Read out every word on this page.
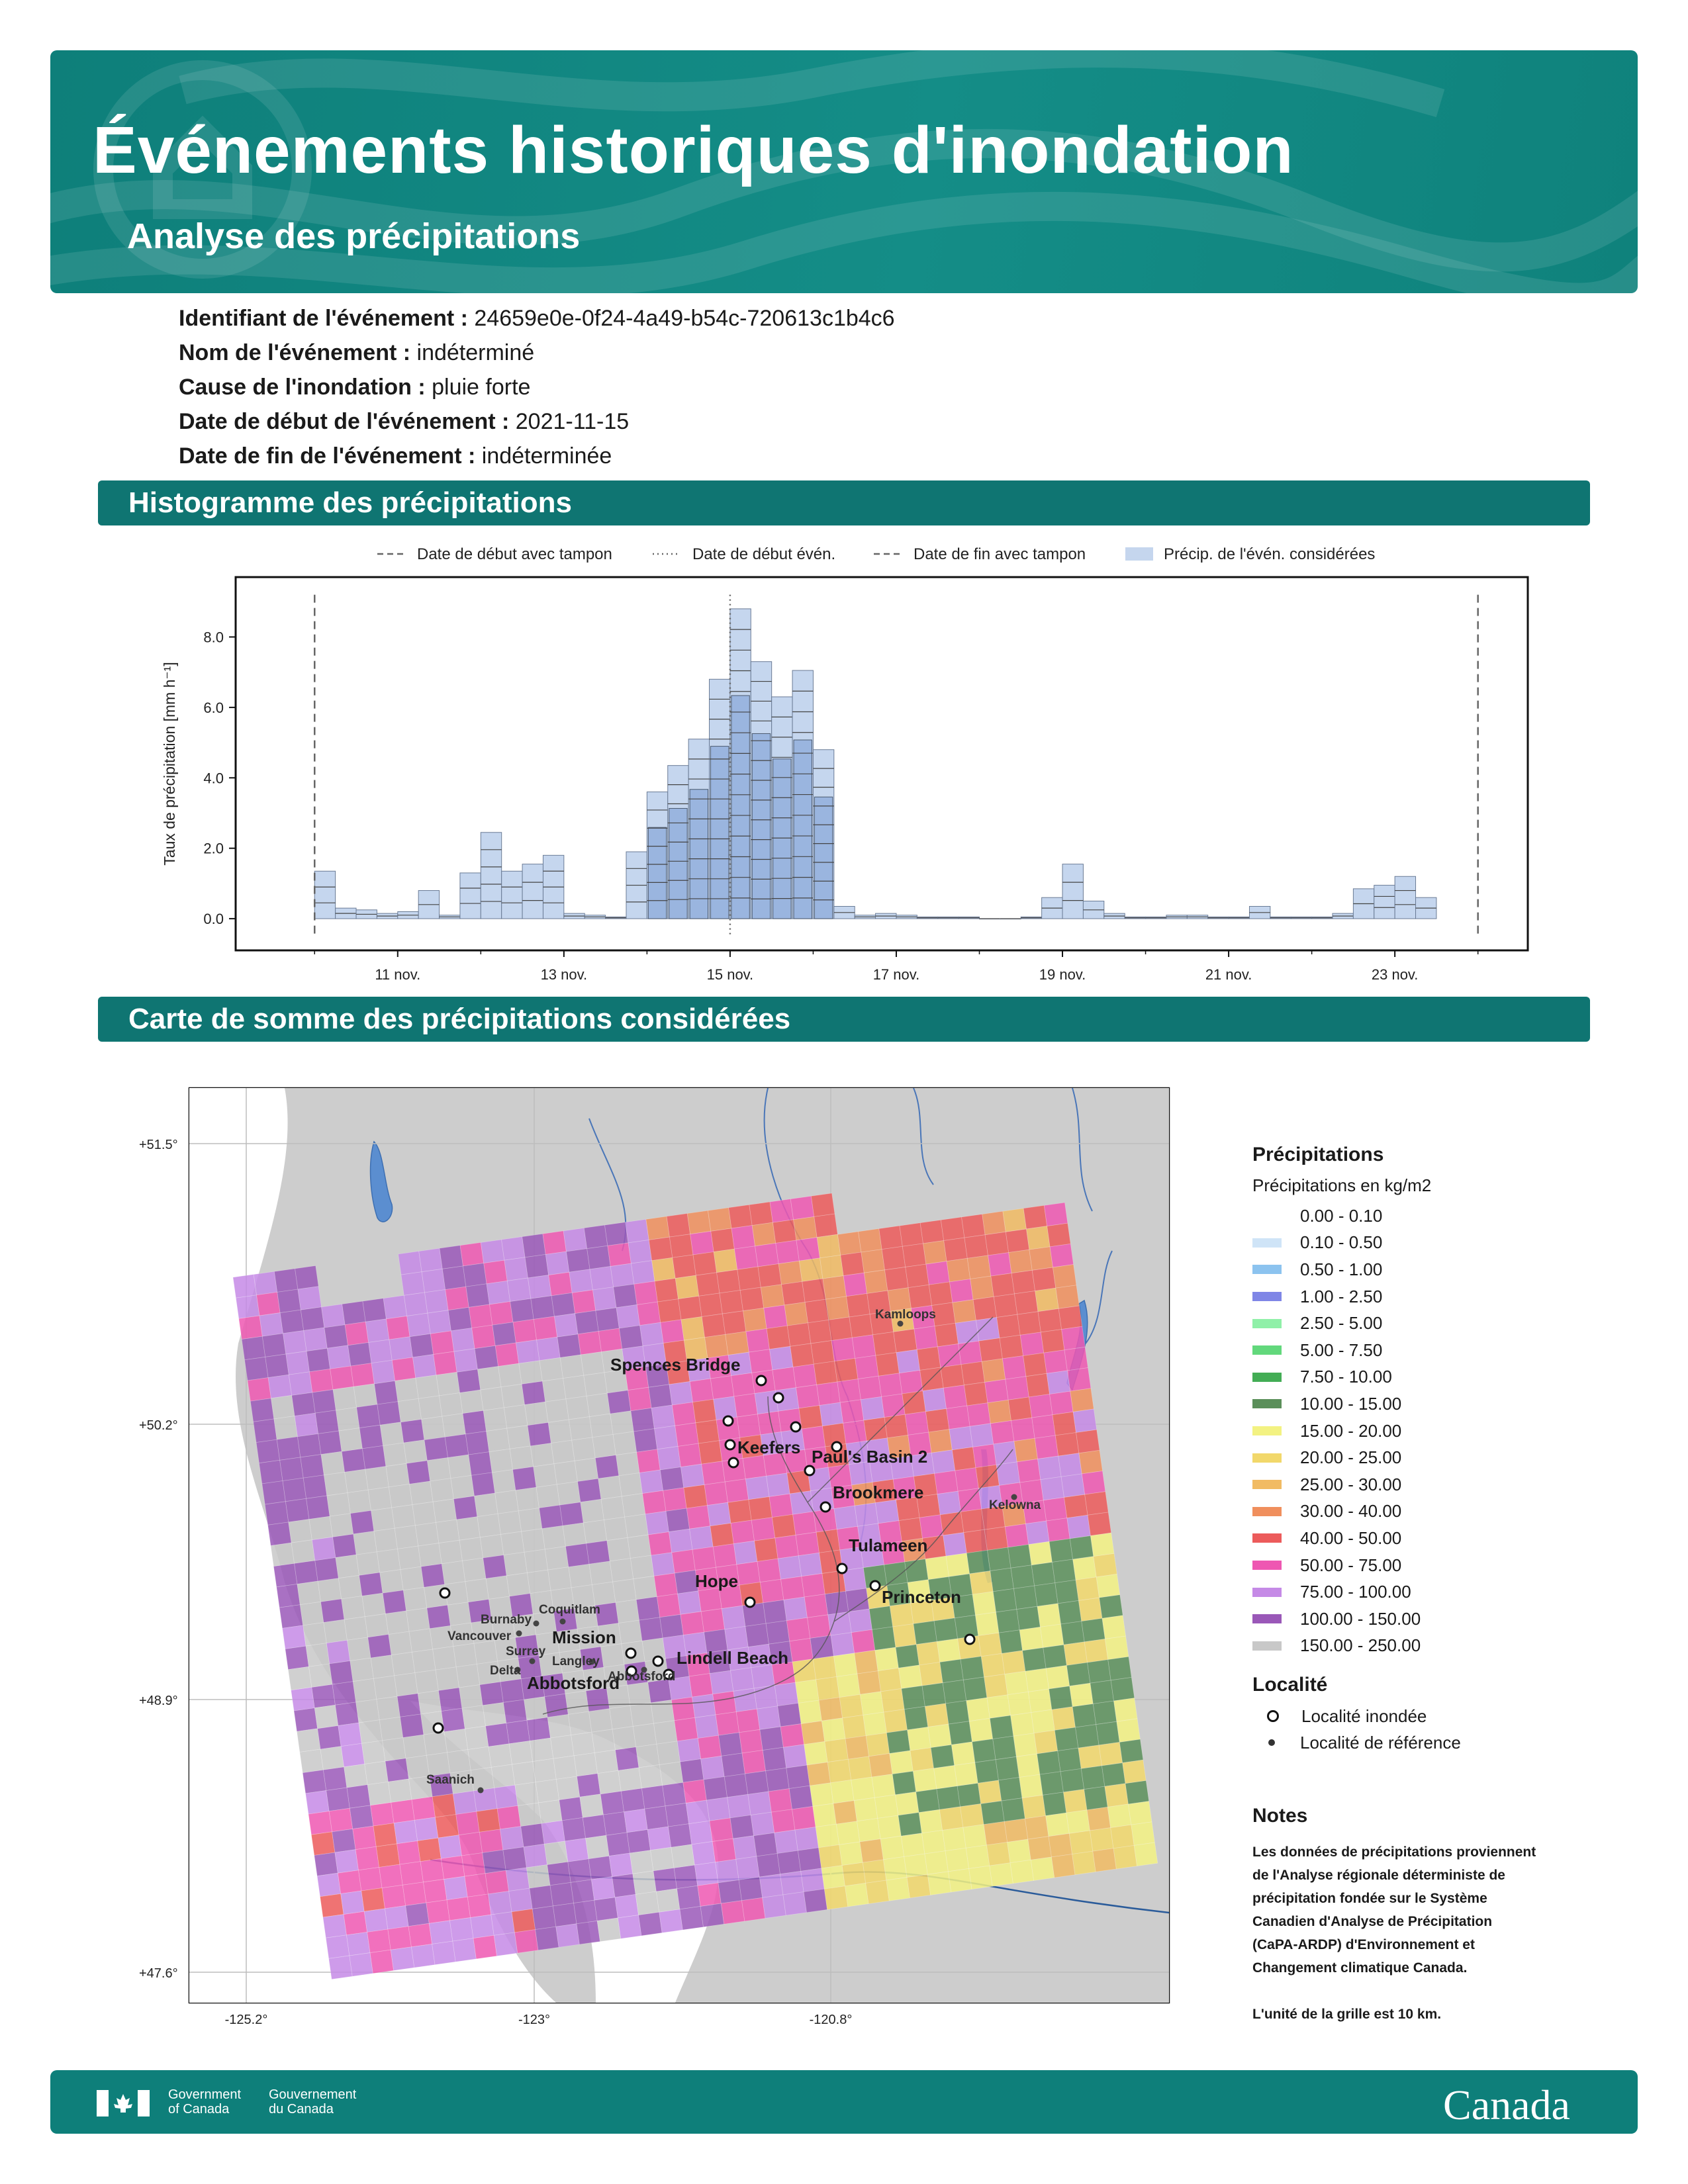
Événements historiques d'inondation
Analyse des précipitations
Identifiant de l'événement : 24659e0e-0f24-4a49-b54c-720613c1b4c6
Nom de l'événement : indéterminé
Cause de l'inondation : pluie forte
Date de début de l'événement : 2021-11-15
Date de fin de l'événement : indéterminée
Histogramme des précipitations
Date de début avec tampon	Date de début évén.	Date de fin avec tampon	Précip. de l'évén. considérées
0.0
2.0
4.0
6.0
8.0
11 nov.	13 nov.	15 nov.	17 nov.	19 nov.	21 nov.	23 nov.
Taux de précipitation [mm h⁻¹]
Carte de somme des précipitations considérées
+51.5°
+50.2°
+48.9°
+47.6°
-125.2°	-123°	-120.8°
Spences Bridge
Keefers Paul's Basin 2
Brookmere
Tulameen
Hope
Princeton
Mission
Lindell Beach
Abbotsford
Kamloops
Kelowna
Coquitlam
Burnaby
Vancouver
Surrey
Delta
Langley
Abbotsford
Saanich
Précipitations
Précipitations en kg/m2
0.00 - 0.10
0.10 - 0.50
0.50 - 1.00
1.00 - 2.50
2.50 - 5.00
5.00 - 7.50
7.50 - 10.00
10.00 - 15.00
15.00 - 20.00
20.00 - 25.00
25.00 - 30.00
30.00 - 40.00
40.00 - 50.00
50.00 - 75.00
75.00 - 100.00
100.00 - 150.00
150.00 - 250.00
Localité
Localité inondée
Localité de référence
Notes
Les données de précipitations proviennent
de l'Analyse régionale déterministe de
précipitation fondée sur le Système
Canadien d'Analyse de Précipitation
(CaPA-ARDP) d'Environnement et
Changement climatique Canada.

L'unité de la grille est 10 km.
Government
of Canada
Gouvernement
du Canada	Canada
